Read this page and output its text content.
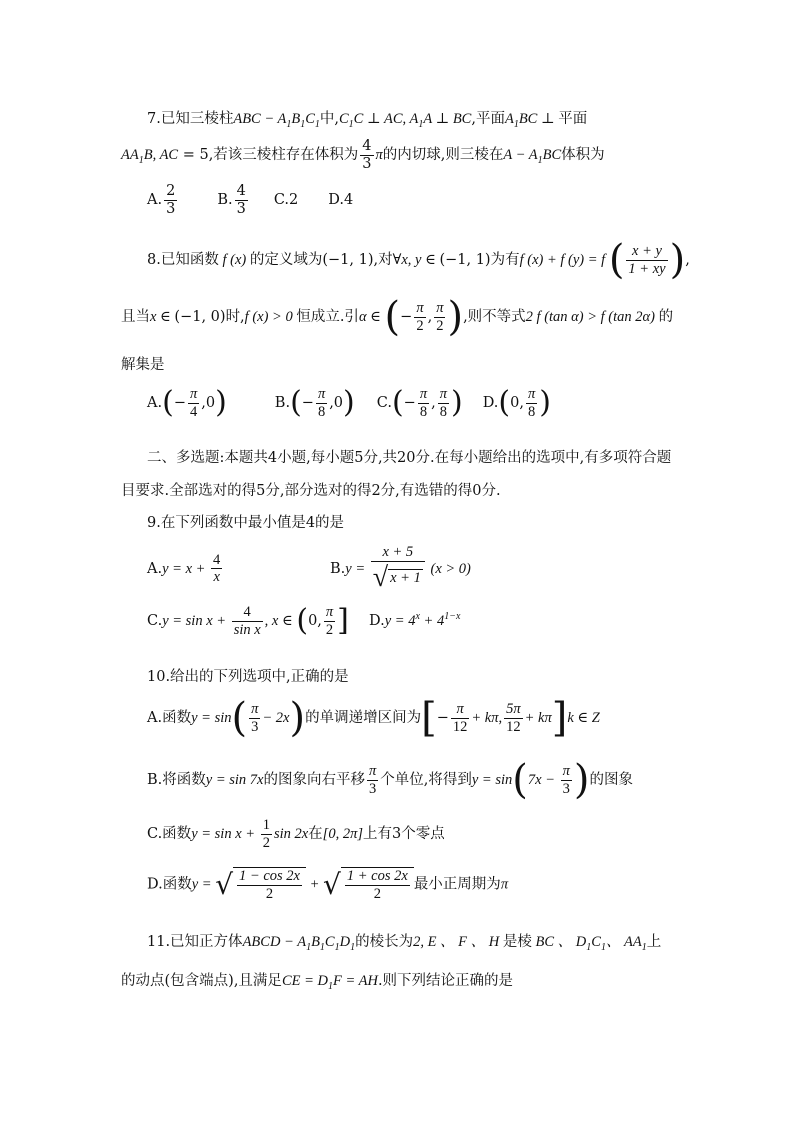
7.已知三棱柱ABC − $A_1B_1C_1$中$,C_1C$ ⊥ AC, $A_1A$ ⊥ BC,平面$A_1BC$ ⊥ 平面
$AA_1B$, AC = 5,若该三棱柱存在体积为 $\frac{4}{3}$ π的内切球,则三棱在$A - A_1BC$体积为
A. $\frac{2}{3}$	B. $\frac{4}{3} C.2$ D.4
8.已知函数 f (x) 的定义域为(−1, 1),对∀x, y ∈ (−1, 1)为有f (x) + f (y) = f ( $\frac{x + y}{1 + xy}$ ),
且当x ∈ (−1, 0)时,f (x) > 0 恒成立.引α ∈ (− $\frac{\pi}{2}$ , $\frac{\pi}{2}$ ),则不等式2 f (tan α) > f (tan 2α) 的
解集是
$A.(- \frac{\pi}{4} ,0)$	$B.(- \frac{\pi}{8} ,0)$ $C.(- \frac{\pi}{8}$ , $\frac{\pi}{8}$ ) D.(0, $\frac{\pi}{8}$ )
二、多选题:本题共4小题,每小题5分,共20分.在每小题给出的选项中,有多项符合题
目要求.全部选对的得5分,部分选对的得2分,有选错的得0分.
9.在下列函数中最小值是4的是
$A.y = x + \frac{4}{x}$	$B.y = \frac{x + 5}{√ x + 1} (x > 0)$
$C.y = \sin x + \frac{4}{\text{sin x}}$ , x ∈ (0, $\frac{\pi}{2}$ ] $D.y = 4^x + 4^{1-x}$
10.给出的下列选项中,正确的是
A.函数$y = \sin( \frac{\pi}{3} - 2x)$的单调递增区间为[− $\frac{\pi}{12} + k\pi$, $\frac{5\pi}{12} + k\pi]k$ ∈ Z
B.将函数y = sin 7x的图象向右平移 $\frac{\pi}{3}$ 个单位,将得到$y = \sin(7x - \frac{\pi}{3}$ )的图象
C.函数$y = \sin x + \frac{1}{2}$ sin 2x在[0, 2π]上有3个零点
D.函数y = √ $\frac{1 - \cos 2x}{2}$ + √ $\frac{1 + \cos 2x}{2}$ 最小正周期为π
11.已知正方体ABCD − $A_1B_1C_1D_1$的棱长为2, E 、 F 、 H 是棱 BC 、 $D_1C_1$、 $AA_1$上
的动点(包含端点),且满足CE = $D_1F$ = AH.则下列结论正确的是
